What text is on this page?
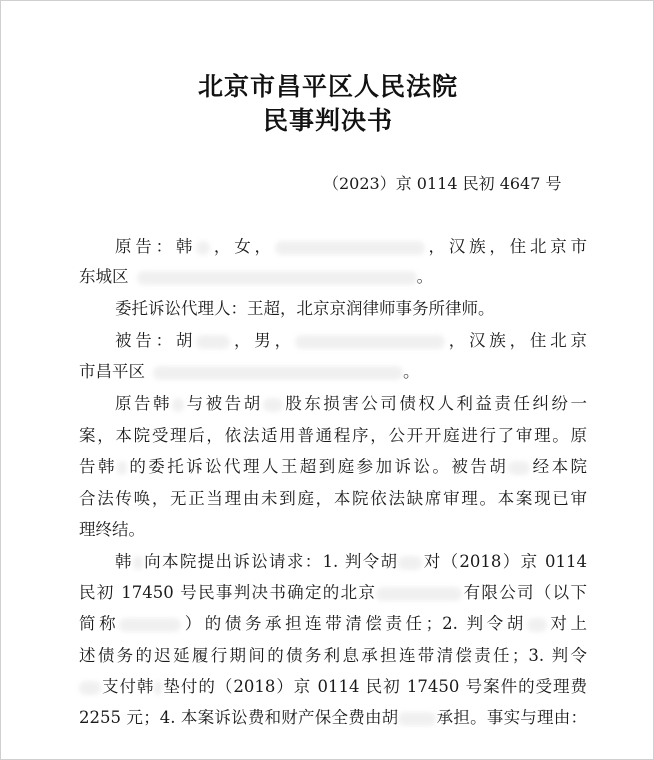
北京市昌平区人民法院
民事判决书
（2023）京 0114 民初 4647 号
原告：韩 ，女，	，汉族，住北京市
东城区	。
委托诉讼代理人：王超，北京京润律师事务所律师。
被告：胡 ，男，	，汉族，住北京
市昌平区	。
原告韩 与被告胡 股东损害公司债权人利益责任纠纷一
案，本院受理后，依法适用普通程序，公开开庭进行了审理。原
告韩 的委托诉讼代理人王超到庭参加诉讼。被告胡 经本院
合法传唤，无正当理由未到庭，本院依法缺席审理。本案现已审
理终结。
韩 向本院提出诉讼请求：1. 判令胡 对（2018）京 0114
民初 17450 号民事判决书确定的北京	有限公司（以下
简称	）的债务承担连带清偿责任；2. 判令胡 对上
述债务的迟延履行期间的债务利息承担连带清偿责任；3. 判令
支付韩 垫付的（2018）京 0114 民初 17450 号案件的受理费
2255 元；4. 本案诉讼费和财产保全费由胡 承担。事实与理由：
